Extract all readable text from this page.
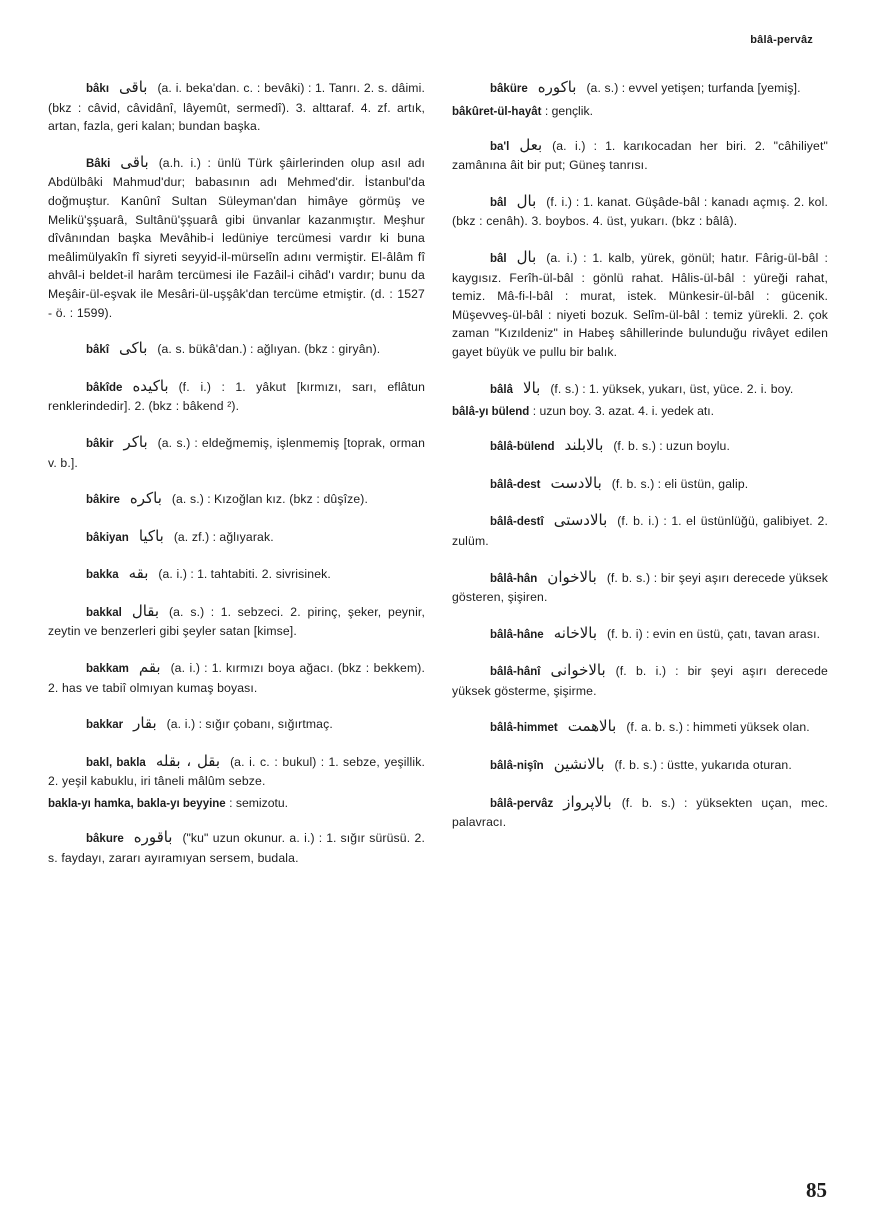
bâlâ-pervâz
bâkı باقى (a. i. beka'dan. c. : bevâki) : 1. Tanrı. 2. s. dâimi. (bkz : câvid, câvidânî, lâyemût, sermedî). 3. alttaraf. 4. zf. artık, artan, fazla, geri kalan; bundan başka.
Bâki باقى (a.h. i.) : ünlü Türk şâirlerinden olup asıl adı Abdülbâki Mahmud'dur; babasının adı Mehmed'dir. İstanbul'da doğmuştur. Kanûnî Sultan Süleyman'dan himâye görmüş ve Melikü'şşuarâ, Sultânü'şşuarâ gibi ünvanlar kazanmıştır. Meşhur dîvânından başka Mevâhib-i ledüniye tercümesi vardır ki buna meâlimülyakîn fî siyreti seyyid-il-mürselîn adını vermiştir. El-âlâm fî ahvâl-i beldet-il harâm tercümesi ile Fazâil-i cihâd'ı vardır; bunu da Meşâir-ül-eşvak ile Mesâri-ül-uşşâk'dan tercüme etmiştir. (d. : 1527 - ö. : 1599).
bâkî باكى (a. s. bükâ'dan.) : ağlıyan. (bkz : giryân).
bâkîde باكيده (f. i.) : 1. yâkut [kırmızı, sarı, eflâtun renklerindedir]. 2. (bkz : bâkend ²).
bâkir باكر (a. s.) : eldeğmemiş, işlenmemiş [toprak, orman v. b.].
bâkire باكره (a. s.) : Kızoğlan kız. (bkz : dûşîze).
bâkiyan باكيا (a. zf.) : ağlıyarak.
bakka بقه (a. i.) : 1. tahtabiti. 2. sivrisinek.
bakkal بقال (a. s.) : 1. sebzeci. 2. pirinç, şeker, peynir, zeytin ve benzerleri gibi şeyler satan [kimse].
bakkam بقم (a. i.) : 1. kırmızı boya ağacı. (bkz : bekkem). 2. has ve tabiî olmıyan kumaş boyası.
bakkar بقار (a. i.) : sığır çobanı, sığırtmaç.
bakl, bakla بقل ، بقله (a. i. c. : bukul) : 1. sebze, yeşillik. 2. yeşil kabuklu, iri tâneli mâlûm sebze.
bakla-yı hamka, bakla-yı beyyine : semizotu.
bâkure باقوره ("ku" uzun okunur. a. i.) : 1. sığır sürüsü. 2. s. faydayı, zararı ayıramıyan sersem, budala.
bâküre باكوره (a. s.) : evvel yetişen; turfanda [yemiş].
bâkûret-ül-hayât : gençlik.
ba'l بعل (a. i.) : 1. karıkocadan her biri. 2. "câhiliyet" zamânına âit bir put; Güneş tanrısı.
bâl بال (f. i.) : 1. kanat. Güşâde-bâl : kanadı açmış. 2. kol. (bkz : cenâh). 3. boybos. 4. üst, yukarı. (bkz : bâlâ).
bâl بال (a. i.) : 1. kalb, yürek, gönül; hatır. Fârig-ül-bâl : kaygısız. Ferîh-ül-bâl : gönlü rahat. Hâlis-ül-bâl : yüreği rahat, temiz. Mâ-fi-l-bâl : murat, istek. Münkesir-ül-bâl : gücenik. Müşevveş-ül-bâl : niyeti bozuk. Selîm-ül-bâl : temiz yürekli. 2. çok zaman "Kızıldeniz" in Habeş sâhillerinde bulunduğu rivâyet edilen gayet büyük ve pullu bir balık.
bâlâ بالا (f. s.) : 1. yüksek, yukarı, üst, yüce. 2. i. boy.
bâlâ-yı bülend : uzun boy. 3. azat. 4. i. yedek atı.
bâlâ-bülend بالابلند (f. b. s.) : uzun boylu.
bâlâ-dest بالادست (f. b. s.) : eli üstün, galip.
bâlâ-destî بالادستى (f. b. i.) : 1. el üstünlüğü, galibiyet. 2. zulüm.
bâlâ-hân بالاخوان (f. b. s.) : bir şeyi aşırı derecede yüksek gösteren, şişiren.
bâlâ-hâne بالاخانه (f. b. i) : evin en üstü, çatı, tavan arası.
bâlâ-hânî بالاخوانى (f. b. i.) : bir şeyi aşırı derecede yüksek gösterme, şişirme.
bâlâ-himmet بالاهمت (f. a. b. s.) : himmeti yüksek olan.
bâlâ-nişîn بالانشين (f. b. s.) : üstte, yukarıda oturan.
bâlâ-pervâz بالاپرواز (f. b. s.) : yüksekten uçan, mec. palavracı.
85
